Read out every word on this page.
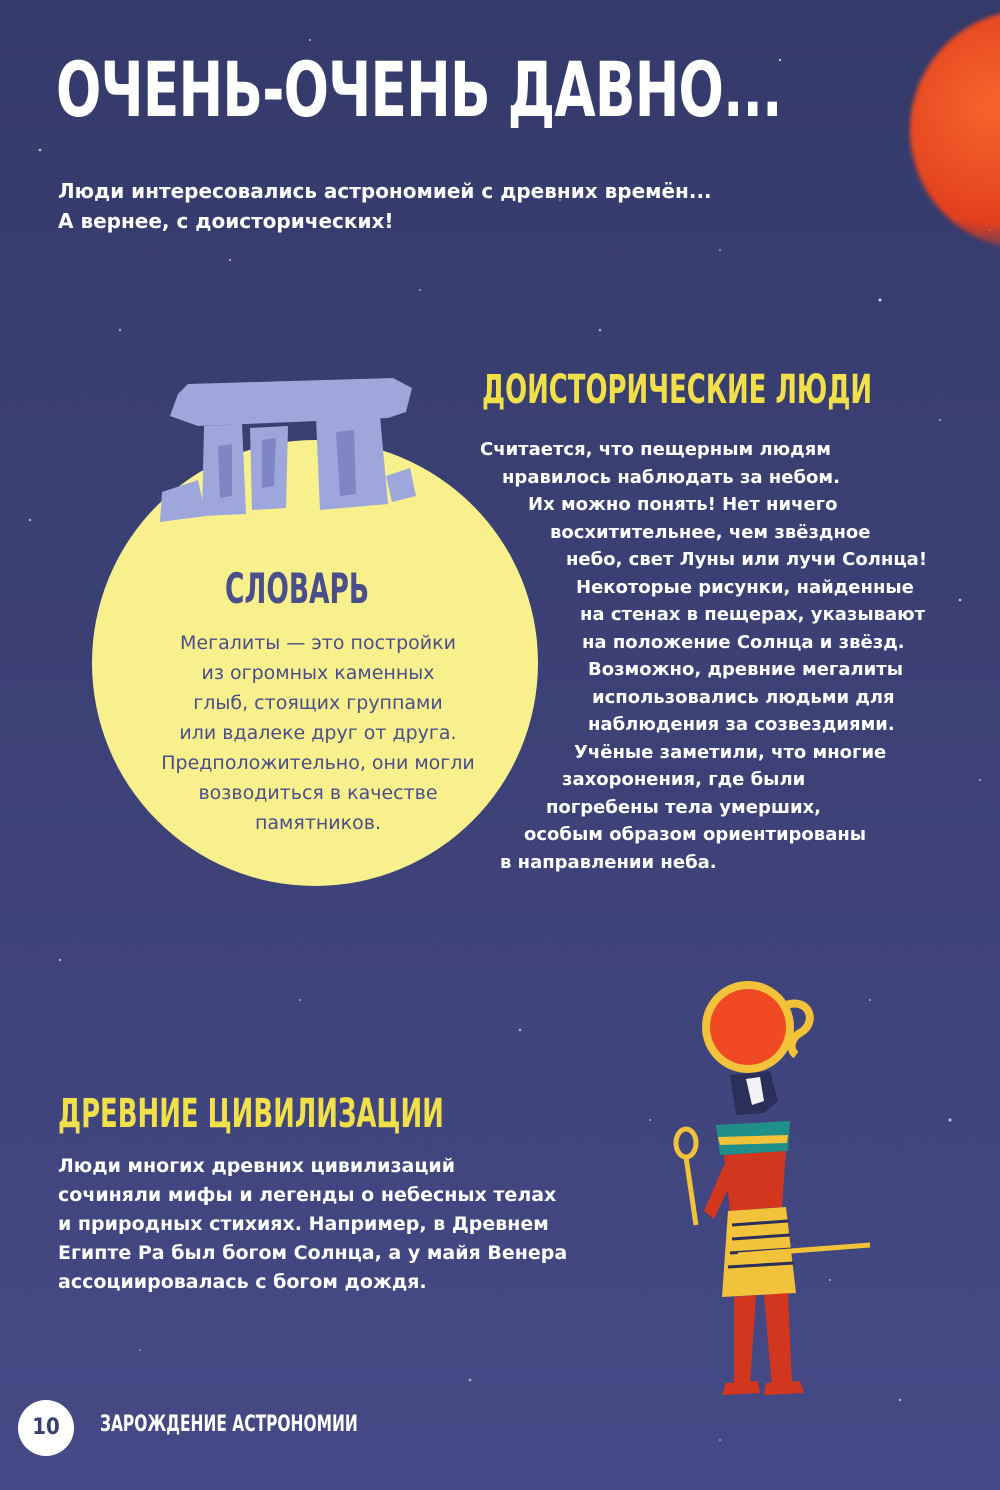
ОЧЕНЬ-ОЧЕНЬ ДАВНО...
Люди интересовались астрономией с древних времён...
А вернее, с доисторических!
ДОИСТОРИЧЕСКИЕ ЛЮДИ
СЛОВАРЬ
Мегалиты — это постройки
из огромных каменных
глыб, стоящих группами
или вдалеке друг от друга.
Предположительно, они могли
возводиться в качестве
памятников.
Считается, что пещерным людям
нравилось наблюдать за небом.
Их можно понять! Нет ничего
восхитительнее, чем звёздное
небо, свет Луны или лучи Солнца!
Некоторые рисунки, найденные
на стенах в пещерах, указывают
на положение Солнца и звёзд.
Возможно, древние мегалиты
использовались людьми для
наблюдения за созвездиями.
Учёные заметили, что многие
захоронения, где были
погребены тела умерших,
особым образом ориентированы
в направлении неба.
ДРЕВНИЕ ЦИВИЛИЗАЦИИ
Люди многих древних цивилизаций
сочиняли мифы и легенды о небесных телах
и природных стихиях. Например, в Древнем
Египте Ра был богом Солнца, а у майя Венера
ассоциировалась с богом дождя.
10	ЗАРОЖДЕНИЕ АСТРОНОМИИ
